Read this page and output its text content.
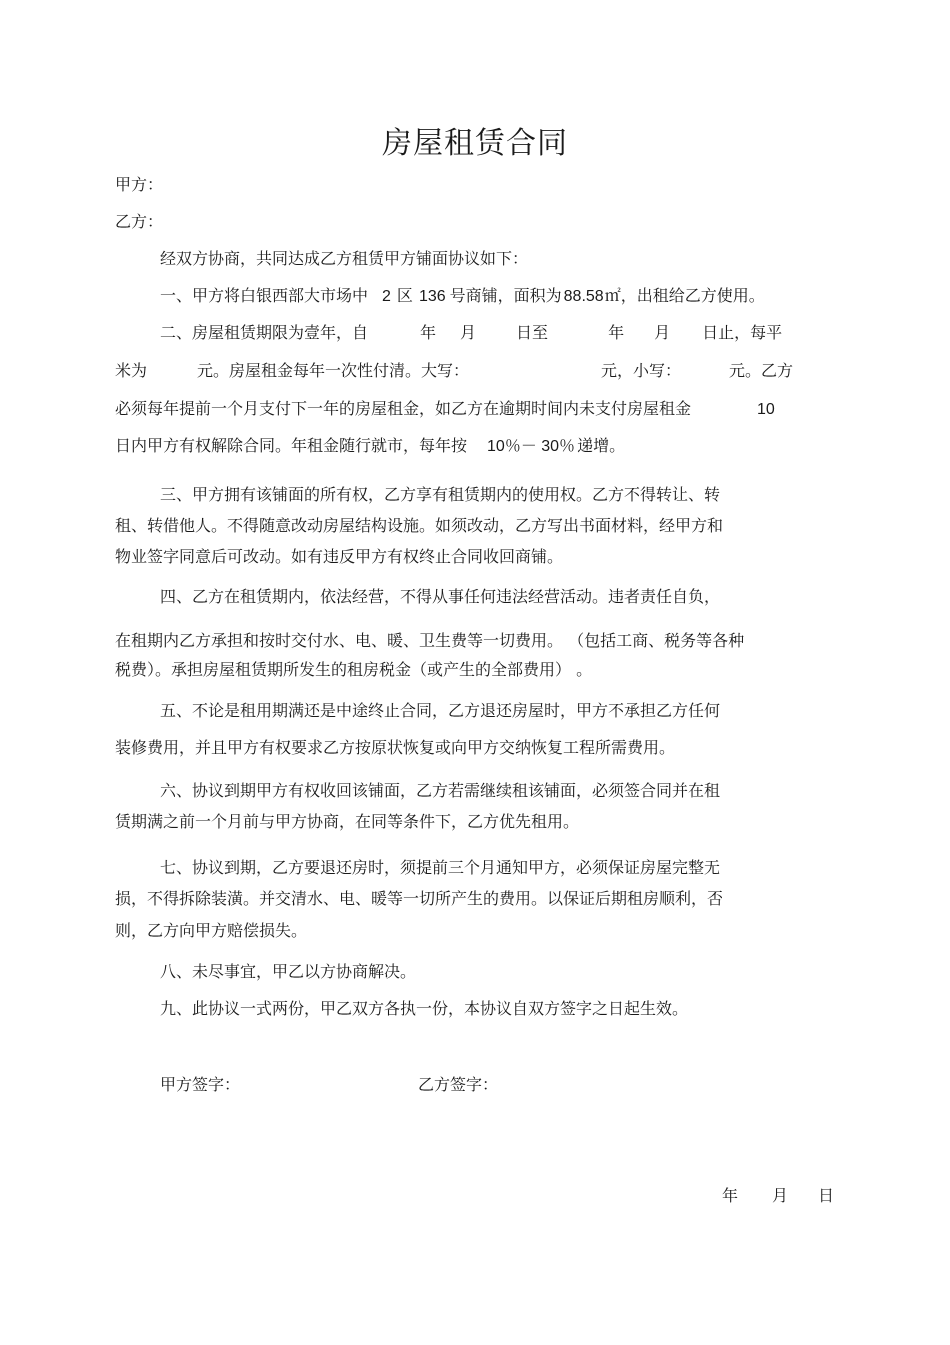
房屋租赁合同

甲方：

乙方：

经双方协商，共同达成乙方租赁甲方铺面协议如下：

一、甲方将白银西部大市场中 2 区 136 号商铺，面积为 88.58㎡，出租给乙方使用。

二、房屋租赁期限为壹年，自	年 月	日至	年 月 日止，每平

米为	元。房屋租金每年一次性付清。大写：	元，小写：	元。乙方

必须每年提前一个月支付下一年的房屋租金，如乙方在逾期时间内未支付房屋租金	10

日内甲方有权解除合同。年租金随行就市，每年按 10％－ 30％ 递增。

三、甲方拥有该铺面的所有权，乙方享有租赁期内的使用权。乙方不得转让、转

租、转借他人。不得随意改动房屋结构设施。如须改动，乙方写出书面材料，经甲方和

物业签字同意后可改动。如有违反甲方有权终止合同收回商铺。

四、乙方在租赁期内，依法经营，不得从事任何违法经营活动。违者责任自负，

在租期内乙方承担和按时交付水、电、暖、卫生费等一切费用。 （包括工商、税务等各种

税费）。承担房屋租赁期所发生的租房税金（或产生的全部费用） 。

五、不论是租用期满还是中途终止合同，乙方退还房屋时，甲方不承担乙方任何

装修费用，并且甲方有权要求乙方按原状恢复或向甲方交纳恢复工程所需费用。

六、协议到期甲方有权收回该铺面，乙方若需继续租该铺面，必须签合同并在租

赁期满之前一个月前与甲方协商，在同等条件下，乙方优先租用。

七、协议到期，乙方要退还房时，须提前三个月通知甲方，必须保证房屋完整无

损，不得拆除装潢。并交清水、电、暖等一切所产生的费用。以保证后期租房顺利，否

则，乙方向甲方赔偿损失。

八、未尽事宜，甲乙以方协商解决。

九、此协议一式两份，甲乙双方各执一份，本协议自双方签字之日起生效。

甲方签字：	乙方签字：

年 月 日
